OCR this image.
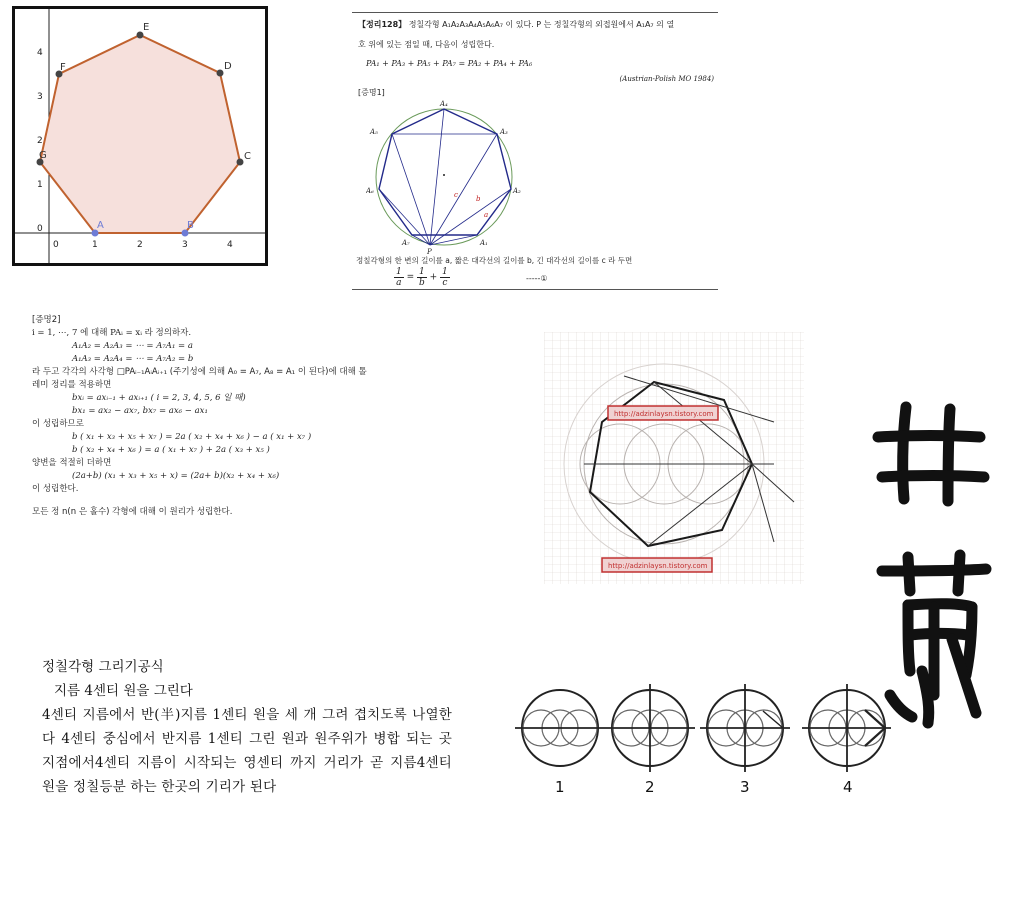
A	B
C
D
E
F
G
0	1	2	3	4
0
1
2
3
4
【정리128】 정칠각형 A₁A₂A₃A₄A₅A₆A₇ 이 있다. P 는 정칠각형의 외접원에서 A₁A₇ 의 열
호 위에 있는 점일 때, 다음이 성립한다.
PA₁ + PA₃ + PA₅ + PA₇ = PA₂ + PA₄ + PA₆
(Austrian-Polish MO 1984)
[증명1]
A₄
A₅	A₃
A₆	A₂
A₇	A₁
P
a
b
c
정칠각형의 한 변의 길이를 a, 짧은 대각선의 길이를 b, 긴 대각선의 길이를 c 라 두면
$\frac{1}{a} = \frac{1}{b} + \frac{1}{c}$	-----①
[증명2]
i = 1, ⋯, 7 에 대해 PAᵢ = xᵢ 라 정의하자.
A₁A₂ = A₂A₃ = ⋯ = A₇A₁ = a
A₁A₃ = A₂A₄ = ⋯ = A₇A₂ = b
라 두고 각각의 사각형 □PAᵢ₋₁AᵢAᵢ₊₁ (주기성에 의해 A₀ = A₇, A₈ = A₁ 이 된다)에 대해 톨
레미 정리를 적용하면
bxᵢ = axᵢ₋₁ + axᵢ₊₁ ( i = 2, 3, 4, 5, 6 일 때)
bx₁ = ax₂ − ax₇, bx₇ = ax₆ − ax₁
이 성립하므로
b ( x₁ + x₃ + x₅ + x₇ ) = 2a ( x₂ + x₄ + x₆ ) − a ( x₁ + x₇ )
b ( x₂ + x₄ + x₆ ) = a ( x₁ + x₇ ) + 2a ( x₃ + x₅ )
양변을 적절히 더하면
(2a+b) (x₁ + x₃ + x₅ + x) = (2a+ b)(x₂ + x₄ + x₆)
이 성립한다.
모든 정 n(n 은 홀수) 각형에 대해 이 원리가 성립한다.
http://adzinlaysn.tistory.com
http://adzinlaysn.tistory.com
정칠각형 그리기공식
지름 4센티 원을 그린다
4센티 지름에서 반(半)지름 1센티 원을 세 개 그려 겹치도록 나열한다 4센티 중심에서 반지름 1센티 그린 원과 원주위가 병합 되는 곳 지점에서4센티 지름이 시작되는 영센티 까지 거리가 곧 지름4센티 원을 정칠등분 하는 한곳의 기리가 된다	1	2	3	4
